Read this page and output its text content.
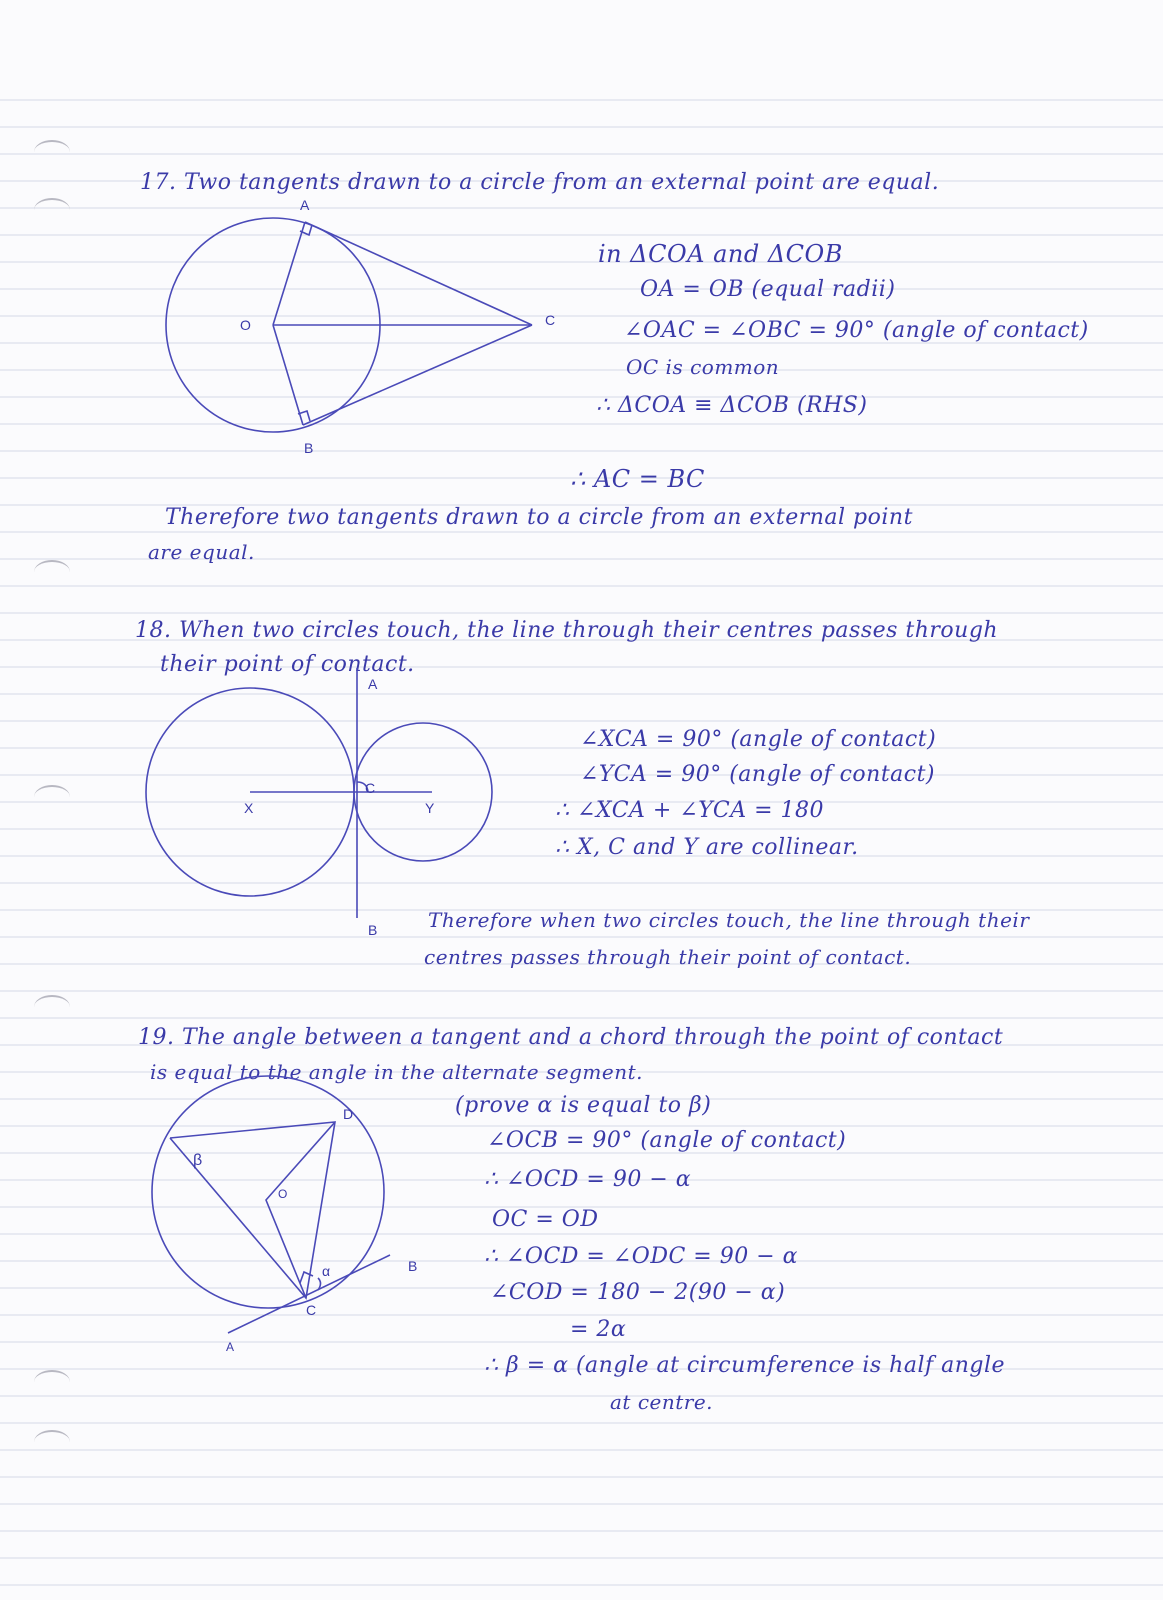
17. Two tangents drawn to a circle from an external point are equal.
A
O	C
B
in ΔCOA and ΔCOB
OA = OB (equal radii)
∠OAC = ∠OBC = 90° (angle of contact)
OC is common
∴ ΔCOA ≡ ΔCOB (RHS)
∴ AC = BC
Therefore two tangents drawn to a circle from an external point
are equal.
18. When two circles touch, the line through their centres passes through
their point of contact.
A
X
C
Y
B
∠XCA = 90° (angle of contact)
∠YCA = 90° (angle of contact)
∴ ∠XCA + ∠YCA = 180
∴ X, C and Y are collinear.
Therefore when two circles touch, the line through their
centres passes through their point of contact.
19. The angle between a tangent and a chord through the point of contact
is equal to the angle in the alternate segment.
D
β
O
α	B
C
A
(prove α is equal to β)
∠OCB = 90° (angle of contact)
∴ ∠OCD = 90 − α
OC = OD
∴ ∠OCD = ∠ODC = 90 − α
∠COD = 180 − 2(90 − α)
= 2α
∴ β = α (angle at circumference is half angle
at centre.
